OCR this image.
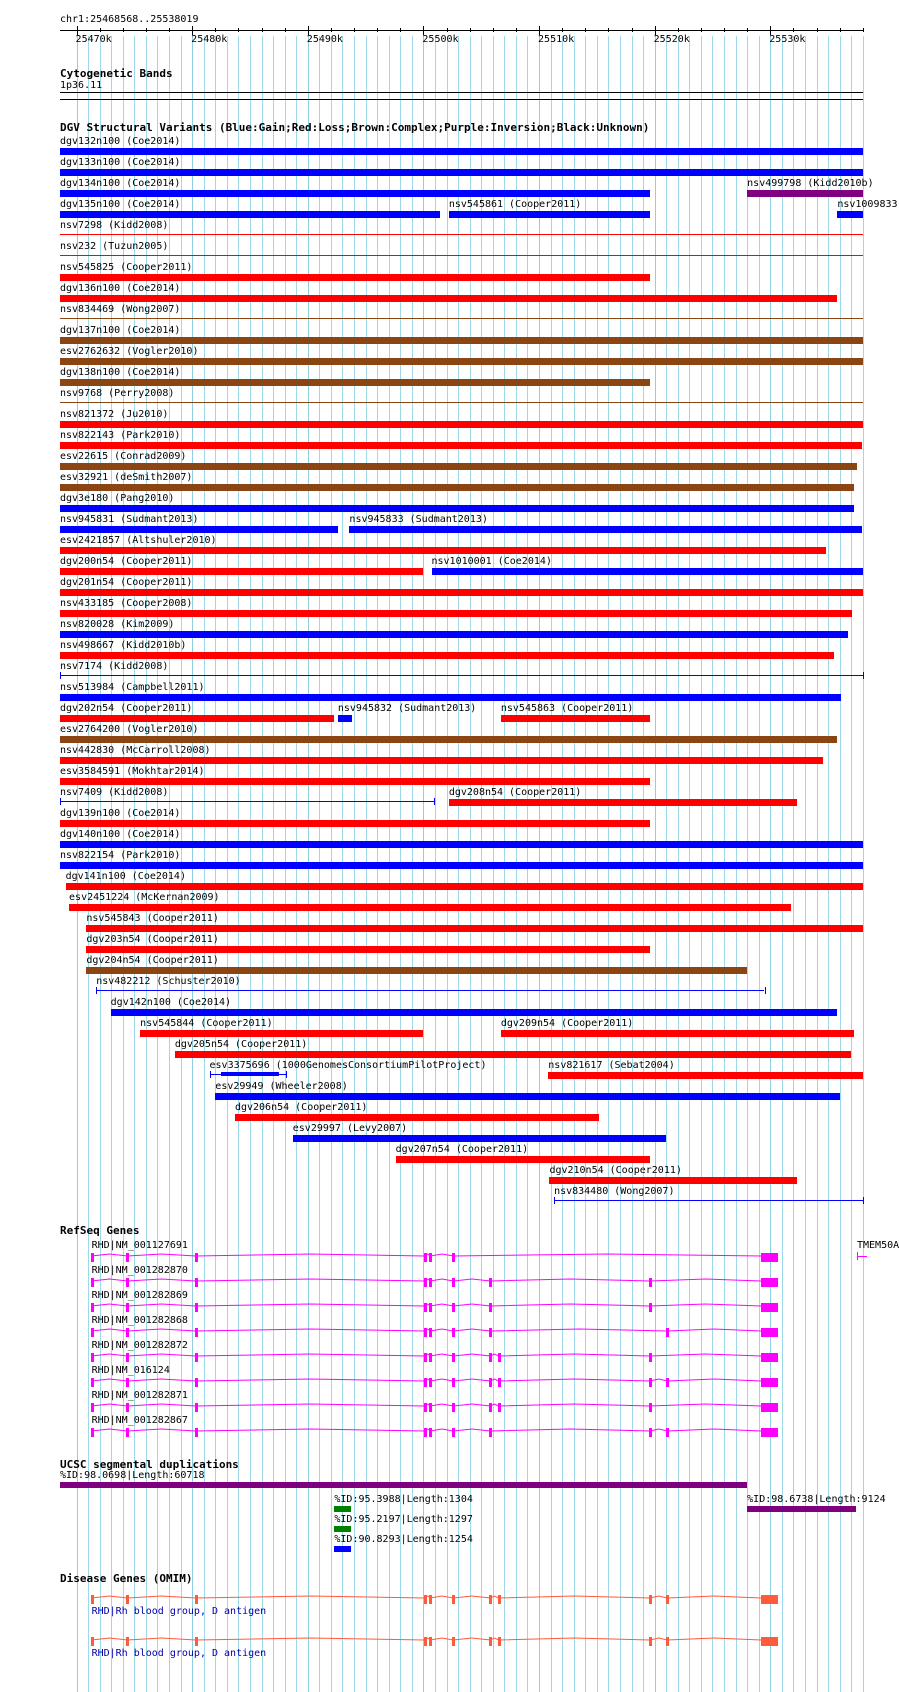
chr1:25468568..25538019
Cytogenetic Bands
1p36.11
DGV Structural Variants (Blue:Gain;Red:Loss;Brown:Complex;Purple:Inversion;Black:Unknown)
RefSeq Genes
UCSC segmental duplications
Disease Genes (OMIM)
25470k	25480k	25490k	25500k	25510k	25520k	25530k
dgv132n100 (Coe2014)
dgv133n100 (Coe2014)
dgv134n100 (Coe2014)	nsv499798 (Kidd2010b)
dgv135n100 (Coe2014)	nsv545861 (Cooper2011)	nsv1009833
nsv7298 (Kidd2008)
nsv232 (Tuzun2005)
nsv545825 (Cooper2011)
dgv136n100 (Coe2014)
nsv834469 (Wong2007)
dgv137n100 (Coe2014)
esv2762632 (Vogler2010)
dgv138n100 (Coe2014)
nsv9768 (Perry2008)
nsv821372 (Ju2010)
nsv822143 (Park2010)
esv22615 (Conrad2009)
esv32921 (deSmith2007)
dgv3e180 (Pang2010)
nsv945831 (Sudmant2013)	nsv945833 (Sudmant2013)
esv2421857 (Altshuler2010)
dgv200n54 (Cooper2011)	nsv1010001 (Coe2014)
dgv201n54 (Cooper2011)
nsv433185 (Cooper2008)
nsv820028 (Kim2009)
nsv498667 (Kidd2010b)
nsv7174 (Kidd2008)
nsv513984 (Campbell2011)
dgv202n54 (Cooper2011)	nsv945832 (Sudmant2013) nsv545863 (Cooper2011)
esv2764200 (Vogler2010)
nsv442830 (McCarroll2008)
esv3584591 (Mokhtar2014)
nsv7409 (Kidd2008)	dgv208n54 (Cooper2011)
dgv139n100 (Coe2014)
dgv140n100 (Coe2014)
nsv822154 (Park2010)
dgv141n100 (Coe2014)
esv2451224 (McKernan2009)
nsv545843 (Cooper2011)
dgv203n54 (Cooper2011)
dgv204n54 (Cooper2011)
nsv482212 (Schuster2010)
dgv142n100 (Coe2014)
nsv545844 (Cooper2011)	dgv209n54 (Cooper2011)
dgv205n54 (Cooper2011)
esv3375696 (1000GenomesConsortiumPilotProject)	nsv821617 (Sebat2004)
esv29949 (Wheeler2008)
dgv206n54 (Cooper2011)
esv29997 (Levy2007)
dgv207n54 (Cooper2011)
dgv210n54 (Cooper2011)
nsv834480 (Wong2007)
RHD|NM_001127691
RHD|NM_001282870
RHD|NM_001282869
RHD|NM_001282868
RHD|NM_001282872
RHD|NM_016124
RHD|NM_001282871
RHD|NM_001282867
TMEM50A
%ID:98.0698|Length:60718
%ID:98.6738|Length:9124
%ID:95.3988|Length:1304
%ID:95.2197|Length:1297
%ID:90.8293|Length:1254
RHD|Rh blood group, D antigen
RHD|Rh blood group, D antigen
